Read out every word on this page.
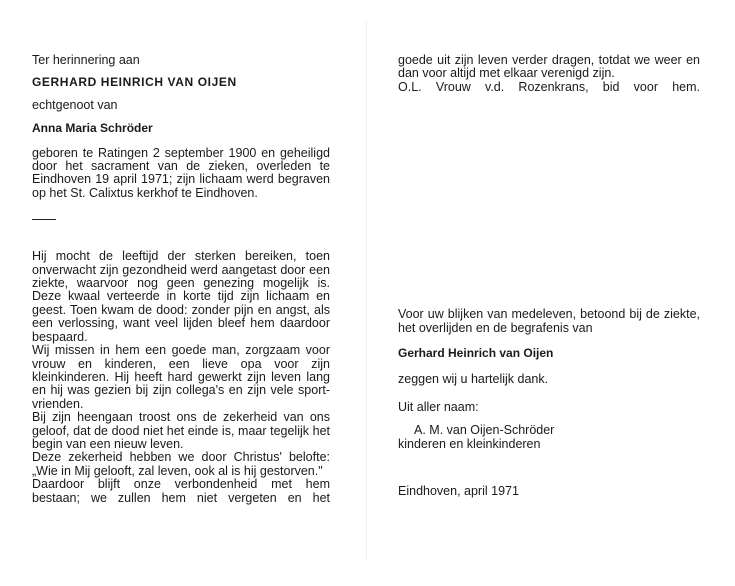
Ter herinnering aan

GERHARD HEINRICH VAN OIJEN

echtgenoot van

Anna Maria Schröder

geboren te Ratingen 2 september 1900 en geheiligd door het sacrament van de zieken, overleden te Eindhoven 19 april 1971; zijn lichaam werd begraven op het St. Calixtus kerkhof te Eindhoven.

Hij mocht de leeftijd der sterken bereiken, toen onverwacht zijn gezondheid werd aangetast door een ziekte, waarvoor nog geen genezing mogelijk is. Deze kwaal verteerde in korte tijd zijn lichaam en geest. Toen kwam de dood: zonder pijn en angst, als een verlossing, want veel lijden bleef hem daardoor bespaard.

Wij missen in hem een goede man, zorgzaam voor vrouw en kinderen, een lieve opa voor zijn kleinkinderen. Hij heeft hard gewerkt zijn leven lang en hij was gezien bij zijn collega's en zijn vele sport-vrienden.

Bij zijn heengaan troost ons de zekerheid van ons geloof, dat de dood niet het einde is, maar tegelijk het begin van een nieuw leven.

Deze zekerheid hebben we door Christus' belofte: „Wie in Mij gelooft, zal leven, ook al is hij gestorven."

Daardoor blijft onze verbondenheid met hem bestaan; we zullen hem niet vergeten en het

goede uit zijn leven verder dragen, totdat we weer en dan voor altijd met elkaar verenigd zijn.

O.L. Vrouw v.d. Rozenkrans, bid voor hem.

Voor uw blijken van medeleven, betoond bij de ziekte, het overlijden en de begrafenis van

Gerhard Heinrich van Oijen

zeggen wij u hartelijk dank.

Uit aller naam:

A. M. van Oijen-Schröder

kinderen en kleinkinderen

Eindhoven, april 1971
